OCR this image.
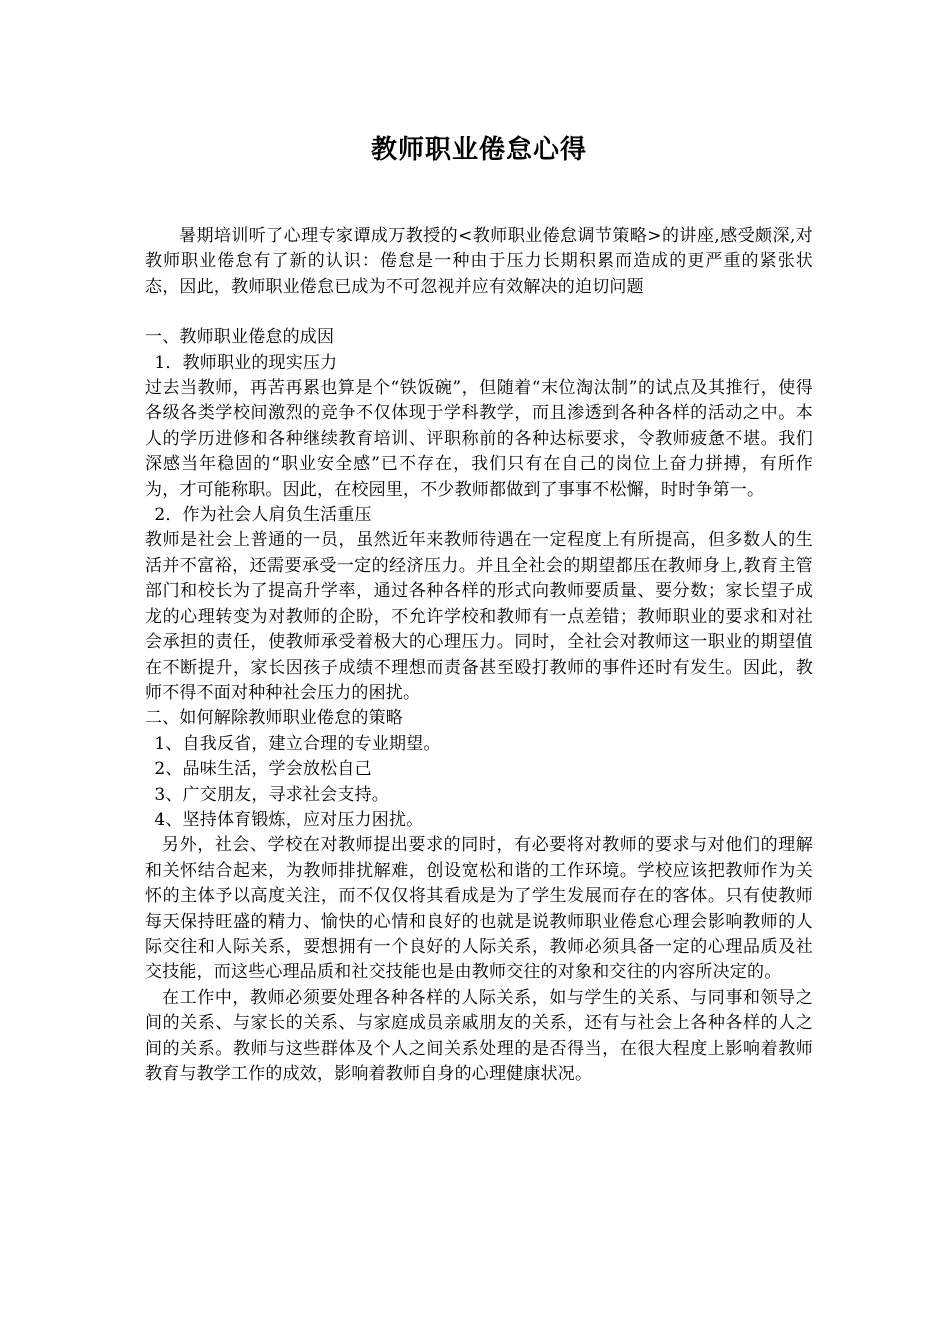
教师职业倦怠心得

暑期培训听了心理专家谭成万教授的<教师职业倦怠调节策略>的讲座,感受颇深,对教师职业倦怠有了新的认识：倦怠是一种由于压力长期积累而造成的更严重的紧张状态，因此，教师职业倦怠已成为不可忽视并应有效解决的迫切问题

一、教师职业倦怠的成因

1．教师职业的现实压力

过去当教师，再苦再累也算是个“铁饭碗”，但随着“末位淘汰制”的试点及其推行，使得各级各类学校间激烈的竞争不仅体现于学科教学，而且渗透到各种各样的活动之中。本人的学历进修和各种继续教育培训、评职称前的各种达标要求，令教师疲惫不堪。我们深感当年稳固的“职业安全感”已不存在，我们只有在自己的岗位上奋力拼搏，有所作为，才可能称职。因此，在校园里，不少教师都做到了事事不松懈，时时争第一。

2．作为社会人肩负生活重压

教师是社会上普通的一员，虽然近年来教师待遇在一定程度上有所提高，但多数人的生活并不富裕，还需要承受一定的经济压力。并且全社会的期望都压在教师身上,教育主管部门和校长为了提高升学率，通过各种各样的形式向教师要质量、要分数；家长望子成龙的心理转变为对教师的企盼，不允许学校和教师有一点差错；教师职业的要求和对社会承担的责任，使教师承受着极大的心理压力。同时，全社会对教师这一职业的期望值在不断提升，家长因孩子成绩不理想而责备甚至殴打教师的事件还时有发生。因此，教师不得不面对种种社会压力的困扰。

二、如何解除教师职业倦怠的策略

1、自我反省，建立合理的专业期望。

2、品味生活，学会放松自己

3、广交朋友，寻求社会支持。

4、坚持体育锻炼，应对压力困扰。

另外，社会、学校在对教师提出要求的同时，有必要将对教师的要求与对他们的理解和关怀结合起来，为教师排扰解难，创设宽松和谐的工作环境。学校应该把教师作为关怀的主体予以高度关注，而不仅仅将其看成是为了学生发展而存在的客体。只有使教师每天保持旺盛的精力、愉快的心情和良好的也就是说教师职业倦怠心理会影响教师的人际交往和人际关系，要想拥有一个良好的人际关系，教师必须具备一定的心理品质及社交技能，而这些心理品质和社交技能也是由教师交往的对象和交往的内容所决定的。

在工作中，教师必须要处理各种各样的人际关系，如与学生的关系、与同事和领导之间的关系、与家长的关系、与家庭成员亲戚朋友的关系，还有与社会上各种各样的人之间的关系。教师与这些群体及个人之间关系处理的是否得当，在很大程度上影响着教师教育与教学工作的成效，影响着教师自身的心理健康状况。
